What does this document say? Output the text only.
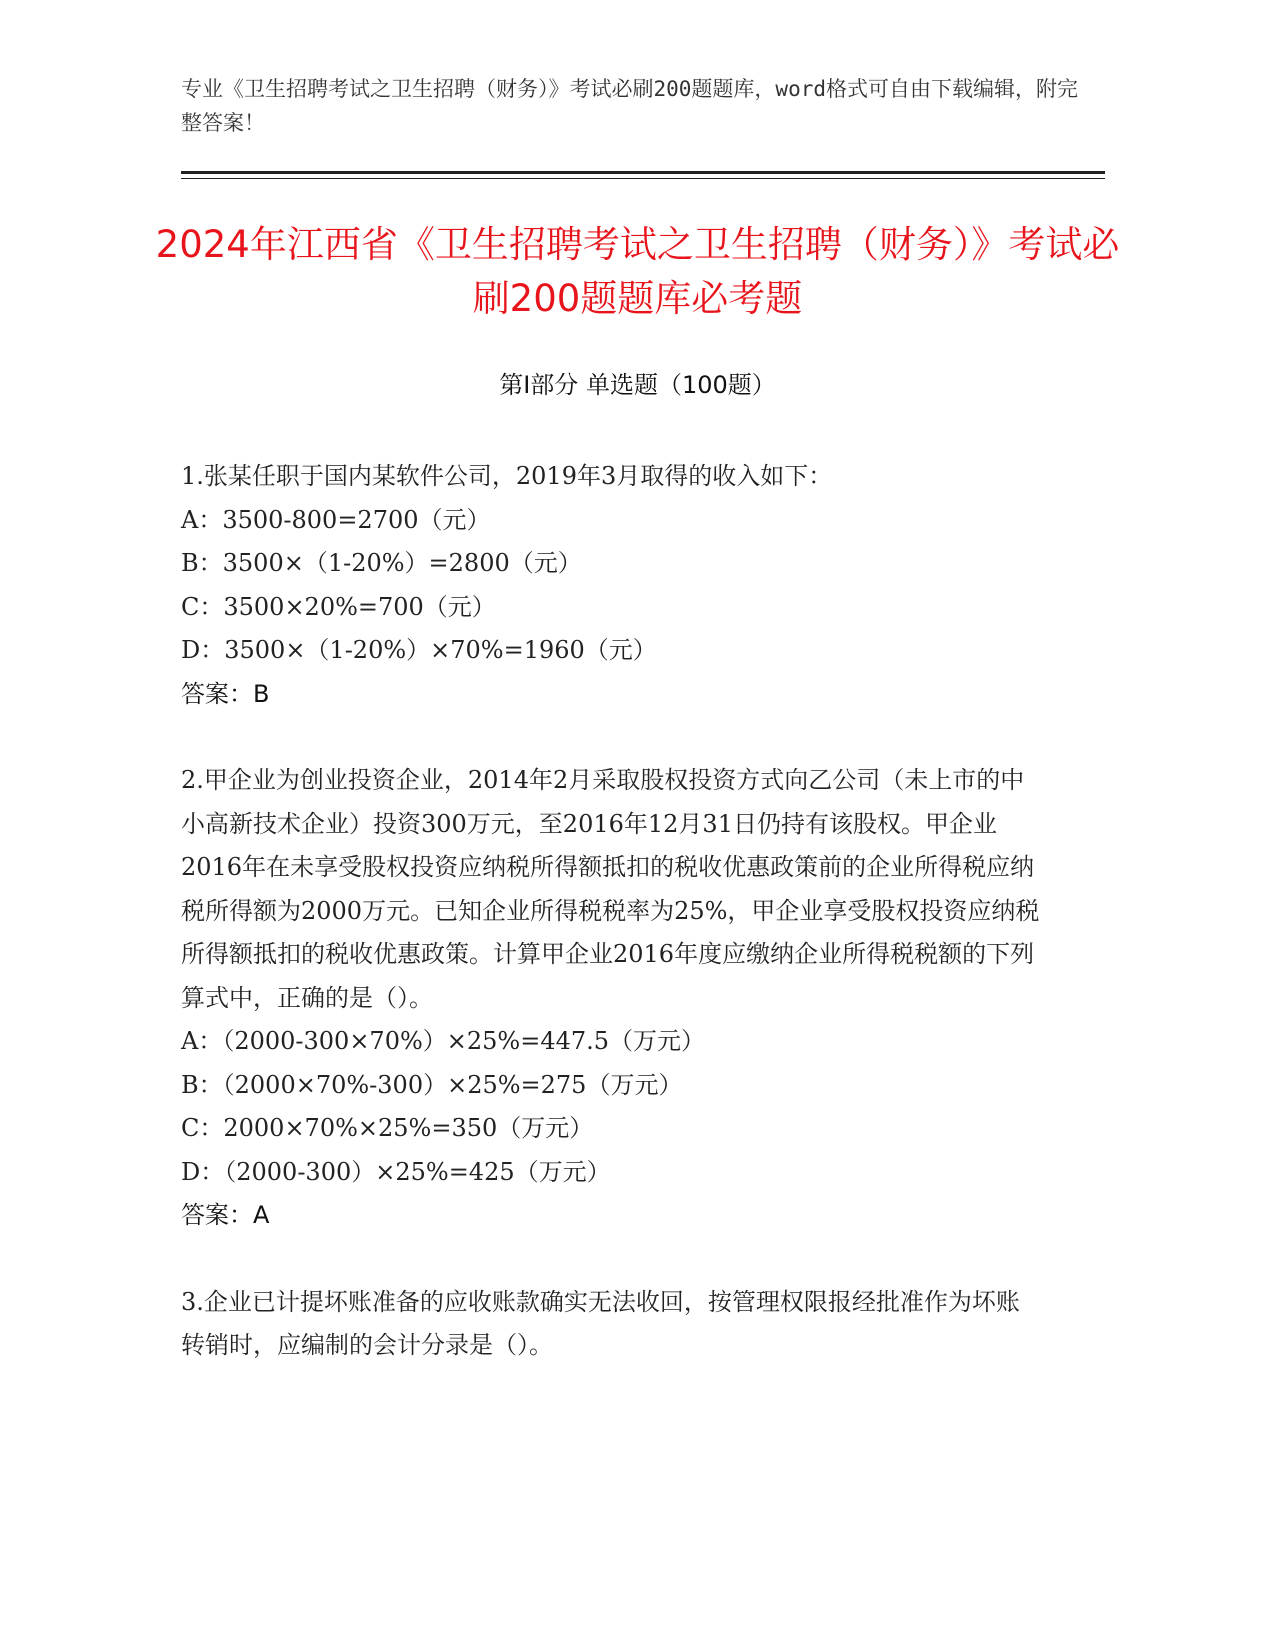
专业《卫生招聘考试之卫生招聘（财务）》考试必刷200题题库，word格式可自由下载编辑，附完整答案！
2024年江西省《卫生招聘考试之卫生招聘（财务）》考试必刷200题题库必考题
第I部分 单选题（100题）

1.张某任职于国内某软件公司，2019年3月取得的收入如下：

A：3500-800=2700（元）

B：3500×（1-20%）=2800（元）

C：3500×20%=700（元）

D：3500×（1-20%）×70%=1960（元）

答案：B

2.甲企业为创业投资企业，2014年2月采取股权投资方式向乙公司（未上市的中小高新技术企业）投资300万元，至2016年12月31日仍持有该股权。甲企业2016年在未享受股权投资应纳税所得额抵扣的税收优惠政策前的企业所得税应纳税所得额为2000万元。已知企业所得税税率为25%，甲企业享受股权投资应纳税所得额抵扣的税收优惠政策。计算甲企业2016年度应缴纳企业所得税税额的下列算式中，正确的是（）。

A：（2000-300×70%）×25%=447.5（万元）

B：（2000×70%-300）×25%=275（万元）

C：2000×70%×25%=350（万元）

D：（2000-300）×25%=425（万元）

答案：A

3.企业已计提坏账准备的应收账款确实无法收回，按管理权限报经批准作为坏账转销时，应编制的会计分录是（）。
